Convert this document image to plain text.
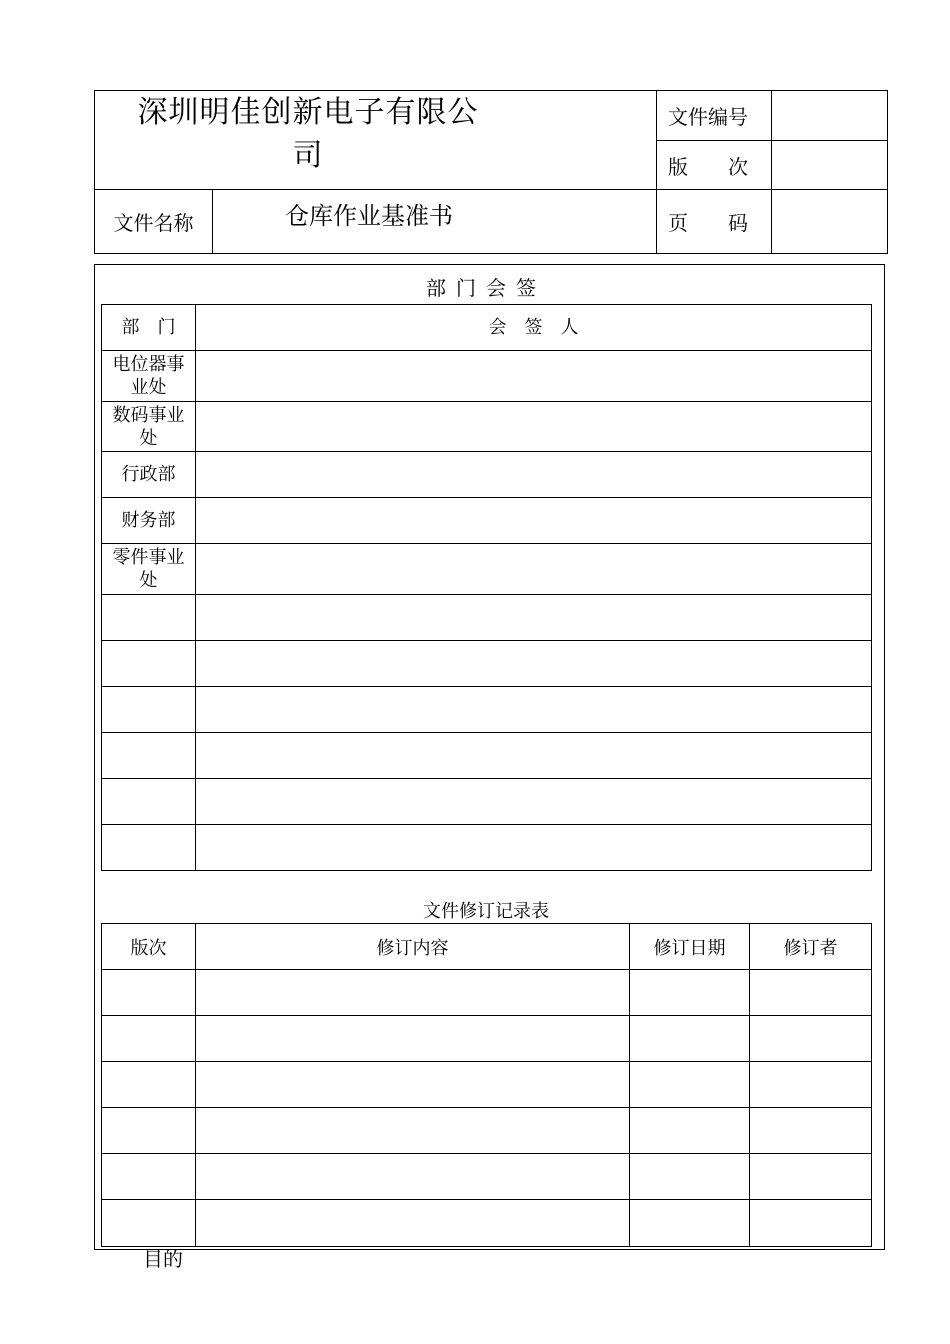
深圳明佳创新电子有限公
司		文件编号	
		版　　次	
文件名称	仓库作业基准书	页　　码	
部门会签
部　门	会　签　人
电位器事业处	
数码事业处	
行政部	
财务部	
零件事业处	

文件修订记录表
版次	修订内容	修订日期	修订者

目的
